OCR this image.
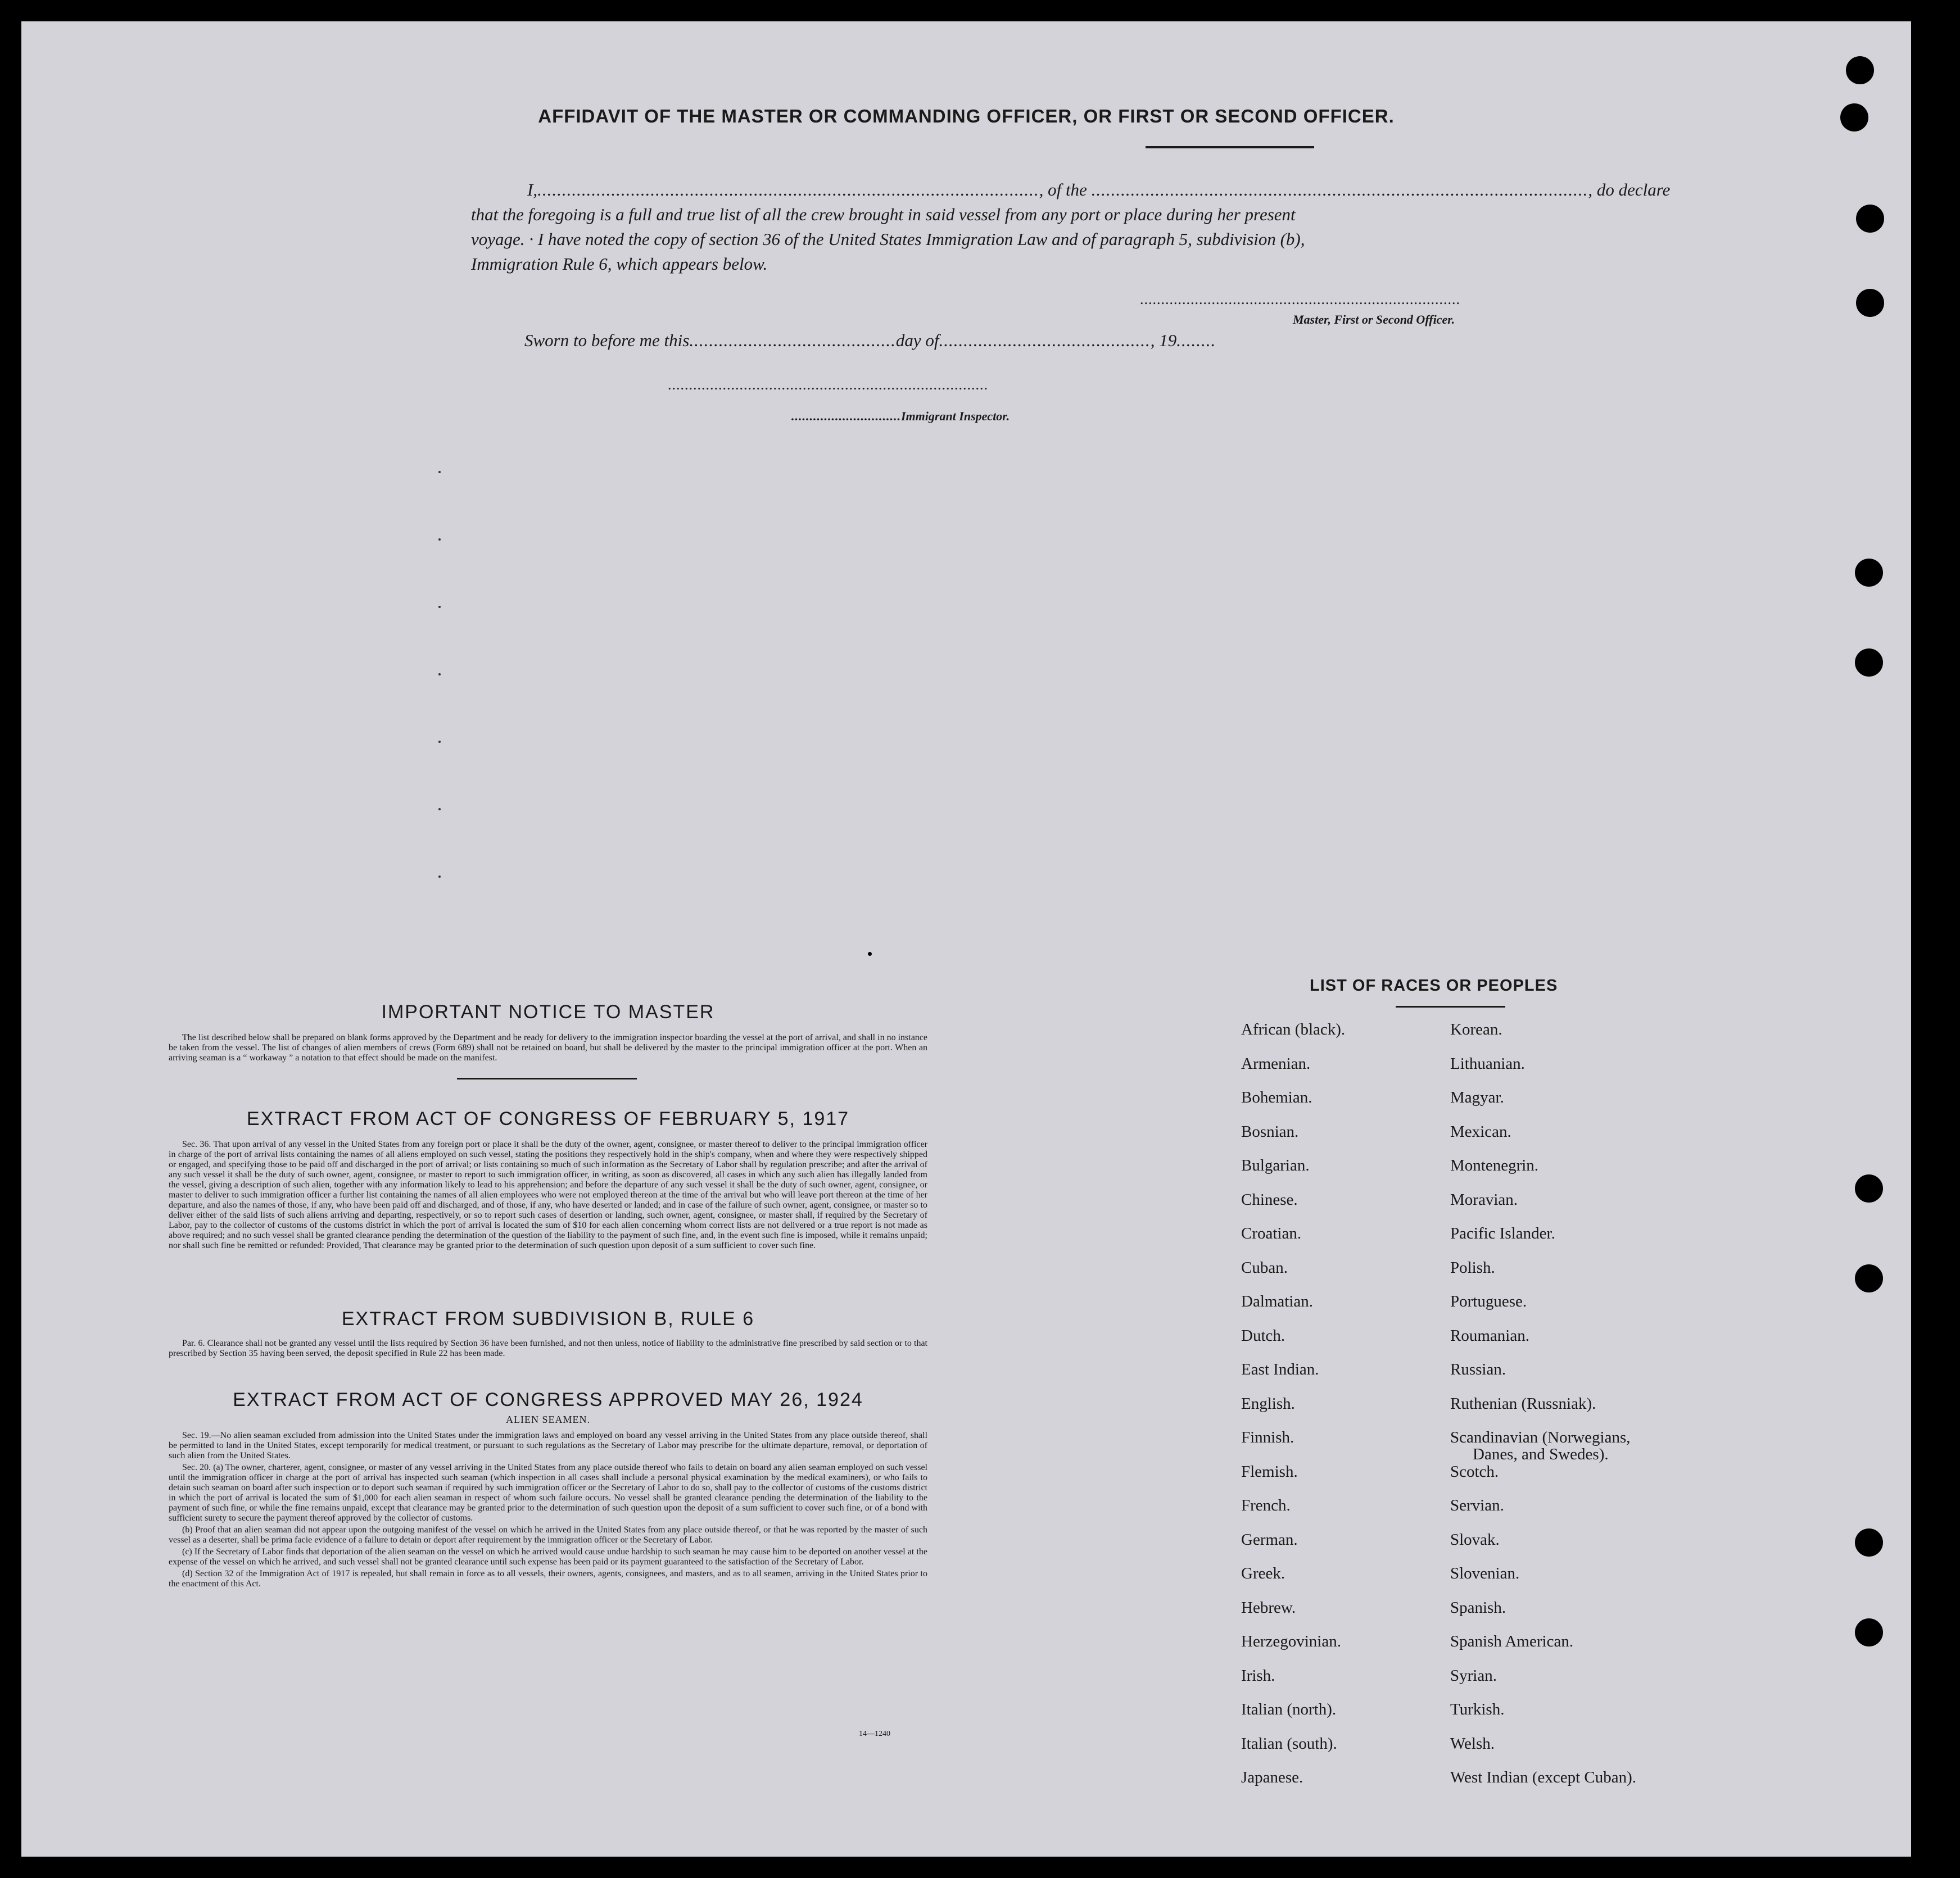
AFFIDAVIT OF THE MASTER OR COMMANDING OFFICER, OR FIRST OR SECOND OFFICER.
I,......................................................................................................, of the ....................................................................................................., do declare
that the foregoing is a full and true list of all the crew brought in said vessel from any port or place during her present
voyage. · I have noted the copy of section 36 of the United States Immigration Law and of paragraph 5, subdivision (b),
Immigration Rule 6, which appears below.
............................................................................
Master, First or Second Officer.
Sworn to before me this..........................................day of..........................................., 19........
............................................................................
..............................Immigrant Inspector.
IMPORTANT NOTICE TO MASTER

The list described below shall be prepared on blank forms approved by the Department and be ready for delivery to the immigration inspector boarding the vessel at the port of arrival, and shall in no instance be taken from the vessel. The list of changes of alien members of crews (Form 689) shall not be retained on board, but shall be delivered by the master to the principal immigration officer at the port. When an arriving seaman is a “ workaway ” a notation to that effect should be made on the manifest.

EXTRACT FROM ACT OF CONGRESS OF FEBRUARY 5, 1917

Sec. 36. That upon arrival of any vessel in the United States from any foreign port or place it shall be the duty of the owner, agent, consignee, or master thereof to deliver to the principal immigration officer in charge of the port of arrival lists containing the names of all aliens employed on such vessel, stating the positions they respectively hold in the ship's company, when and where they were respectively shipped or engaged, and specifying those to be paid off and discharged in the port of arrival; or lists containing so much of such information as the Secretary of Labor shall by regulation prescribe; and after the arrival of any such vessel it shall be the duty of such owner, agent, consignee, or master to report to such immigration officer, in writing, as soon as discovered, all cases in which any such alien has illegally landed from the vessel, giving a description of such alien, together with any information likely to lead to his apprehension; and before the departure of any such vessel it shall be the duty of such owner, agent, consignee, or master to deliver to such immigration officer a further list containing the names of all alien employees who were not employed thereon at the time of the arrival but who will leave port thereon at the time of her departure, and also the names of those, if any, who have been paid off and discharged, and of those, if any, who have deserted or landed; and in case of the failure of such owner, agent, consignee, or master so to deliver either of the said lists of such aliens arriving and departing, respectively, or so to report such cases of desertion or landing, such owner, agent, consignee, or master shall, if required by the Secretary of Labor, pay to the collector of customs of the customs district in which the port of arrival is located the sum of $10 for each alien concerning whom correct lists are not delivered or a true report is not made as above required; and no such vessel shall be granted clearance pending the determination of the question of the liability to the payment of such fine, and, in the event such fine is imposed, while it remains unpaid; nor shall such fine be remitted or refunded: Provided, That clearance may be granted prior to the determination of such question upon deposit of a sum sufficient to cover such fine.

EXTRACT FROM SUBDIVISION B, RULE 6

Par. 6. Clearance shall not be granted any vessel until the lists required by Section 36 have been furnished, and not then unless, notice of liability to the administrative fine prescribed by said section or to that prescribed by Section 35 having been served, the deposit specified in Rule 22 has been made.

EXTRACT FROM ACT OF CONGRESS APPROVED MAY 26, 1924
ALIEN SEAMEN.

Sec. 19.—No alien seaman excluded from admission into the United States under the immigration laws and employed on board any vessel arriving in the United States from any place outside thereof, shall be permitted to land in the United States, except temporarily for medical treatment, or pursuant to such regulations as the Secretary of Labor may prescribe for the ultimate departure, removal, or deportation of such alien from the United States.

Sec. 20. (a) The owner, charterer, agent, consignee, or master of any vessel arriving in the United States from any place outside thereof who fails to detain on board any alien seaman employed on such vessel until the immigration officer in charge at the port of arrival has inspected such seaman (which inspection in all cases shall include a personal physical examination by the medical examiners), or who fails to detain such seaman on board after such inspection or to deport such seaman if required by such immigration officer or the Secretary of Labor to do so, shall pay to the collector of customs of the customs district in which the port of arrival is located the sum of $1,000 for each alien seaman in respect of whom such failure occurs. No vessel shall be granted clearance pending the determination of the liability to the payment of such fine, or while the fine remains unpaid, except that clearance may be granted prior to the determination of such question upon the deposit of a sum sufficient to cover such fine, or of a bond with sufficient surety to secure the payment thereof approved by the collector of customs.

(b) Proof that an alien seaman did not appear upon the outgoing manifest of the vessel on which he arrived in the United States from any place outside thereof, or that he was reported by the master of such vessel as a deserter, shall be prima facie evidence of a failure to detain or deport after requirement by the immigration officer or the Secretary of Labor.

(c) If the Secretary of Labor finds that deportation of the alien seaman on the vessel on which he arrived would cause undue hardship to such seaman he may cause him to be deported on another vessel at the expense of the vessel on which he arrived, and such vessel shall not be granted clearance until such expense has been paid or its payment guaranteed to the satisfaction of the Secretary of Labor.

(d) Section 32 of the Immigration Act of 1917 is repealed, but shall remain in force as to all vessels, their owners, agents, consignees, and masters, and as to all seamen, arriving in the United States prior to the enactment of this Act.

14—1240
LIST OF RACES OR PEOPLES
African (black).
Armenian.
Bohemian.
Bosnian.
Bulgarian.
Chinese.
Croatian.
Cuban.
Dalmatian.
Dutch.
East Indian.
English.
Finnish.
Flemish.
French.
German.
Greek.
Hebrew.
Herzegovinian.
Irish.
Italian (north).
Italian (south).
Japanese.
Korean.
Lithuanian.
Magyar.
Mexican.
Montenegrin.
Moravian.
Pacific Islander.
Polish.
Portuguese.
Roumanian.
Russian.
Ruthenian (Russniak).
Scandinavian (Norwegians,
Danes, and Swedes).
Scotch.
Servian.
Slovak.
Slovenian.
Spanish.
Spanish American.
Syrian.
Turkish.
Welsh.
West Indian (except Cuban).
